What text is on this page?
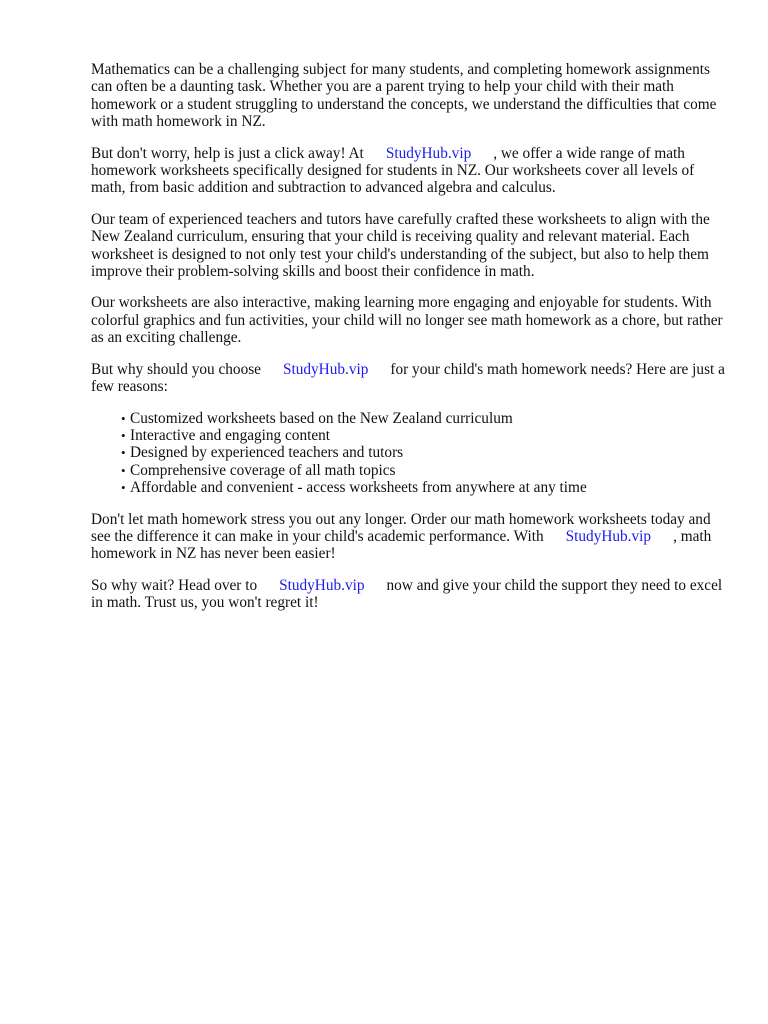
Mathematics can be a challenging subject for many students, and completing homework assignments can often be a daunting task. Whether you are a parent trying to help your child with their math homework or a student struggling to understand the concepts, we understand the difficulties that come with math homework in NZ.

But don't worry, help is just a click away! At StudyHub.vip , we offer a wide range of math homework worksheets specifically designed for students in NZ. Our worksheets cover all levels of math, from basic addition and subtraction to advanced algebra and calculus.

Our team of experienced teachers and tutors have carefully crafted these worksheets to align with the New Zealand curriculum, ensuring that your child is receiving quality and relevant material. Each worksheet is designed to not only test your child's understanding of the subject, but also to help them improve their problem-solving skills and boost their confidence in math.

Our worksheets are also interactive, making learning more engaging and enjoyable for students. With colorful graphics and fun activities, your child will no longer see math homework as a chore, but rather as an exciting challenge.

But why should you choose StudyHub.vip for your child's math homework needs? Here are just a few reasons:

• Customized worksheets based on the New Zealand curriculum
• Interactive and engaging content
• Designed by experienced teachers and tutors
• Comprehensive coverage of all math topics
• Affordable and convenient - access worksheets from anywhere at any time

Don't let math homework stress you out any longer. Order our math homework worksheets today and see the difference it can make in your child's academic performance. With StudyHub.vip , math homework in NZ has never been easier!

So why wait? Head over to StudyHub.vip now and give your child the support they need to excel in math. Trust us, you won't regret it!
